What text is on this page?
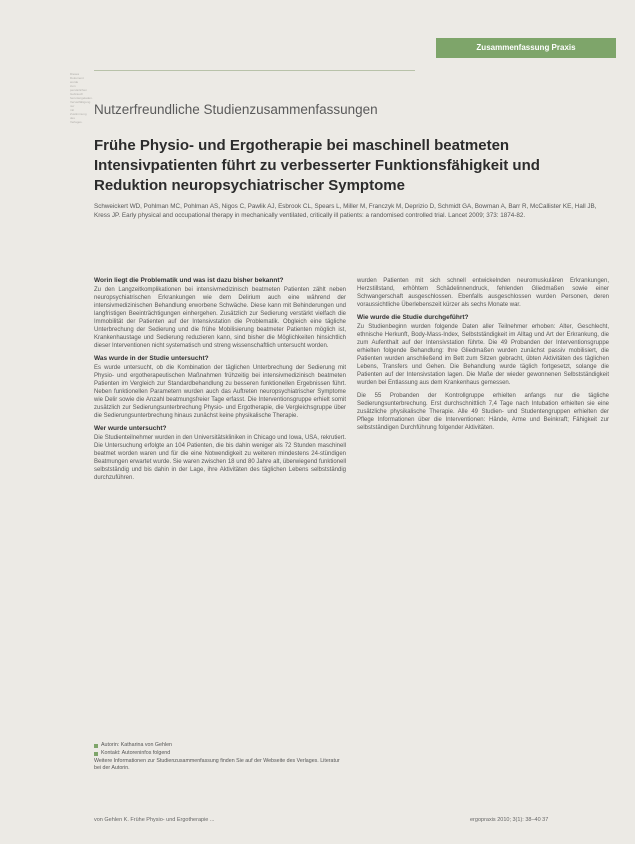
Zusammenfassung Praxis
Dieses Dokument wurde zum persönlichen Gebrauch heruntergeladen. Vervielfältigung nur mit Zustimmung des Verlages.
Nutzerfreundliche Studienzusammenfassungen
Frühe Physio- und Ergotherapie bei maschinell beatmeten Intensivpatienten führt zu verbesserter Funktionsfähigkeit und Reduktion neuropsychiatrischer Symptome
Schweickert WD, Pohlman MC, Pohlman AS, Nigos C, Pawlik AJ, Esbrook CL, Spears L, Miller M, Franczyk M, Deprizio D, Schmidt GA, Bowman A, Barr R, McCallister KE, Hall JB, Kress JP. Early physical and occupational therapy in mechanically ventilated, critically ill patients: a randomised controlled trial. Lancet 2009; 373: 1874-82.
Worin liegt die Problematik und was ist dazu bisher bekannt?

Zu den Langzeitkomplikationen bei intensivmedizinisch beatmeten Patienten zählt neben neuropsychiatrischen Erkrankungen wie dem Delirium auch eine während der intensivmedizinischen Behandlung erworbene Schwäche. Diese kann mit Behinderungen und langfristigen Beeinträchtigungen einhergehen. Zusätzlich zur Sedierung verstärkt vielfach die Immobilität der Patienten auf der Intensivstation die Problematik. Obgleich eine tägliche Unterbrechung der Sedierung und die frühe Mobilisierung beatmeter Patienten möglich ist, Krankenhaustage und Sedierung reduzieren kann, sind bisher die Möglichkeiten hinsichtlich dieser Interventionen nicht systematisch und streng wissenschaftlich untersucht worden.

Was wurde in der Studie untersucht?

Es wurde untersucht, ob die Kombination der täglichen Unterbrechung der Sedierung mit Physio- und ergotherapeutischen Maßnahmen frühzeitig bei intensivmedizinisch beatmeten Patienten im Vergleich zur Standardbehandlung zu besseren funktionellen Ergebnissen führt. Neben funktionellen Parametern wurden auch das Auftreten neuropsychiatrischer Symptome wie Delir sowie die Anzahl beatmungsfreier Tage erfasst. Die Interventionsgruppe erhielt somit zusätzlich zur Sedierungsunterbrechung Physio- und Ergotherapie, die Vergleichsgruppe über die Sedierungsunterbrechung hinaus zunächst keine physikalische Therapie.

Wer wurde untersucht?

Die Studienteilnehmer wurden in den Universitätskliniken in Chicago und Iowa, USA, rekrutiert. Die Untersuchung erfolgte an 104 Patienten, die bis dahin weniger als 72 Stunden maschinell beatmet worden waren und für die eine Notwendigkeit zu weiteren mindestens 24-stündigen Beatmungen erwartet wurde. Sie waren zwischen 18 und 80 Jahre alt, überwiegend funktionell selbstständig und bis dahin in der Lage, ihre Aktivitäten des täglichen Lebens selbstständig durchzuführen.

wurden Patienten mit sich schnell entwickelnden neuromuskulären Erkrankungen, Herzstillstand, erhöhtem Schädelinnendruck, fehlenden Gliedmaßen sowie einer Schwangerschaft ausgeschlossen. Ebenfalls ausgeschlossen wurden Personen, deren voraussichtliche Überlebenszeit kürzer als sechs Monate war.

Wie wurde die Studie durchgeführt?

Zu Studienbeginn wurden folgende Daten aller Teilnehmer erhoben: Alter, Geschlecht, ethnische Herkunft, Body-Mass-Index, Selbstständigkeit im Alltag und Art der Erkrankung, die zum Aufenthalt auf der Intensivstation führte. Die 49 Probanden der Interventionsgruppe erhielten folgende Behandlung: Ihre Gliedmaßen wurden zunächst passiv mobilisiert, die Patienten wurden anschließend im Bett zum Sitzen gebracht, übten Aktivitäten des täglichen Lebens, Transfers und Gehen. Die Behandlung wurde täglich fortgesetzt, solange die Patienten auf der Intensivstation lagen. Die Maße der wieder gewonnenen Selbstständigkeit wurden bei Entlassung aus dem Krankenhaus gemessen.

Die 55 Probanden der Kontrollgruppe erhielten anfangs nur die tägliche Sedierungsunterbrechung. Erst durchschnittlich 7,4 Tage nach Intubation erhielten sie eine zusätzliche physikalische Therapie. Alle 49 Studien- und Studentengruppen erhielten der Pflege Informationen über die Interventionen: Hände, Arme und Beinkraft; Fähigkeit zur selbstständigen Durchführung folgender Aktivitäten.

Autorin: Katharina von Gehlen
Kontakt: Autoreninfos folgend
Weitere Informationen zur Studienzusammenfassung finden Sie auf der Webseite des Verlages. Literatur bei der Autorin.
von Gehlen K. Frühe Physio- und Ergotherapie ...	ergopraxis 2010; 3(1): 38–40 37
